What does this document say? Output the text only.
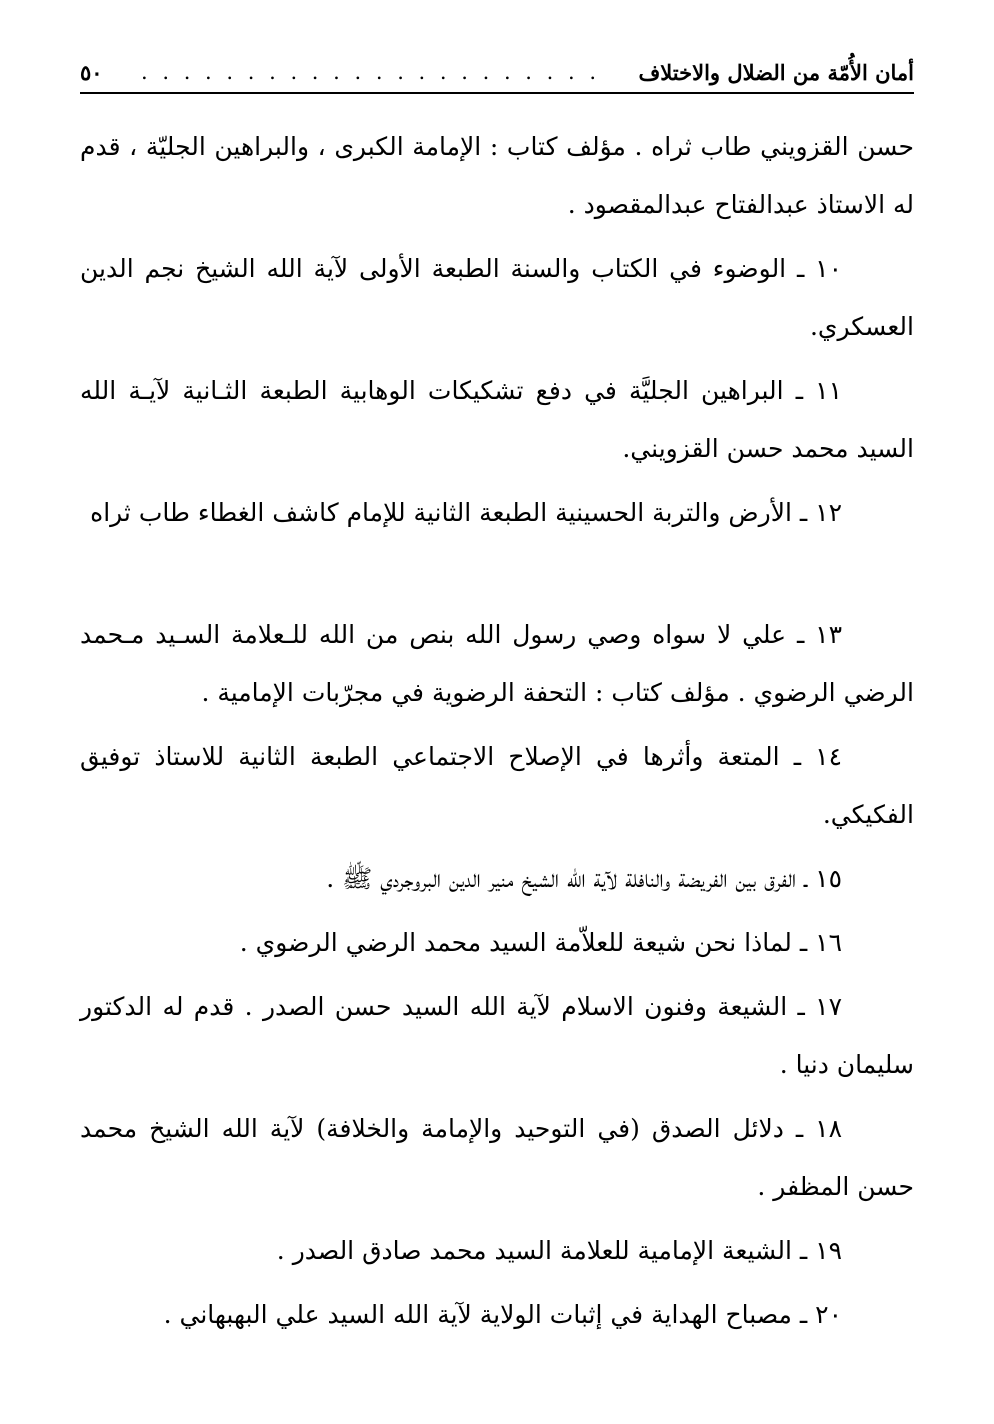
أمان الأُمّة من الضلال والاختلاف
. . . . . . . . . . . . . . . . . . . . . .
٥٠

حسن القزويني طاب ثراه . مؤلف كتاب : الإمامة الكبرى ، والبراهين الجليّة ، قدم له الاستاذ عبدالفتاح عبدالمقصود .

١٠ ـ الوضوء في الكتاب والسنة الطبعة الأولى لآية الله الشيخ نجم الدين العسكري.

١١ ـ البراهين الجليَّة في دفع تشكيكات الوهابية الطبعة الثـانية لآيـة الله السيد محمد حسن القزويني.

١٢ ـ الأرض والتربة الحسينية الطبعة الثانية للإمام كاشف الغطاء طاب ثراه

١٣ ـ علي لا سواه وصي رسول الله بنص من الله للـعلامة السـيد مـحمد الرضي الرضوي . مؤلف كتاب : التحفة الرضوية في مجرّبات الإمامية .

١٤ ـ المتعة وأثرها في الإصلاح الاجتماعي الطبعة الثانية للاستاذ توفيق الفكيكي.

١٥ ـ الفرق بين الفريضة والنافلة لآية الله الشيخ منير الدين البروجردي ﷺ .

١٦ ـ لماذا نحن شيعة للعلاّمة السيد محمد الرضي الرضوي .

١٧ ـ الشيعة وفنون الاسلام لآية الله السيد حسن الصدر . قدم له الدكتور سليمان دنيا .

١٨ ـ دلائل الصدق (في التوحيد والإمامة والخلافة) لآية الله الشيخ محمد حسن المظفر .

١٩ ـ الشيعة الإمامية للعلامة السيد محمد صادق الصدر .

٢٠ ـ مصباح الهداية في إثبات الولاية لآية الله السيد علي البهبهاني .
